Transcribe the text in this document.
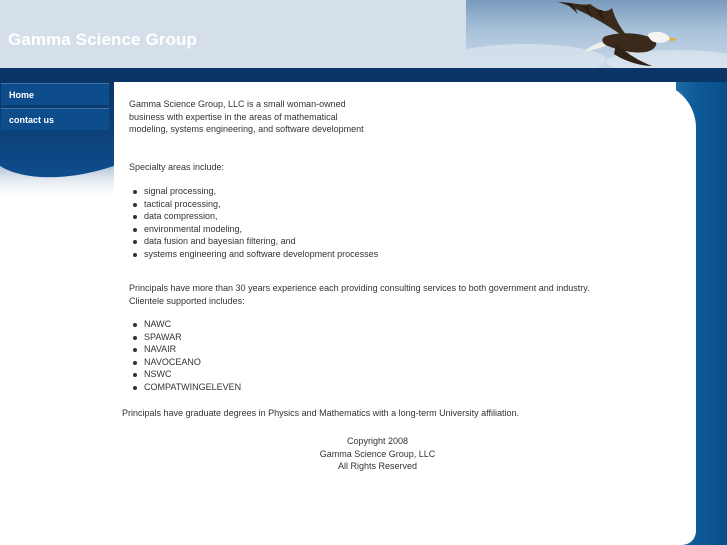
Gamma Science Group
Home
contact us
Gamma Science Group, LLC is a small woman-owned
business with expertise in the areas of mathematical
modeling, systems engineering, and software development
Specialty areas include:
signal processing,
tactical processing,
data compression,
environmental modeling,
data fusion and bayesian filtering, and
systems engineering and software development processes
Principals have more than 30 years experience each providing consulting services to both government and industry.
Clientele supported includes:
NAWC
SPAWAR
NAVAIR
NAVOCEANO
NSWC
COMPATWINGELEVEN
Principals have graduate degrees in Physics and Mathematics with a long-term University affiliation.
Copyright 2008
Gamma Science Group, LLC
All Rights Reserved
